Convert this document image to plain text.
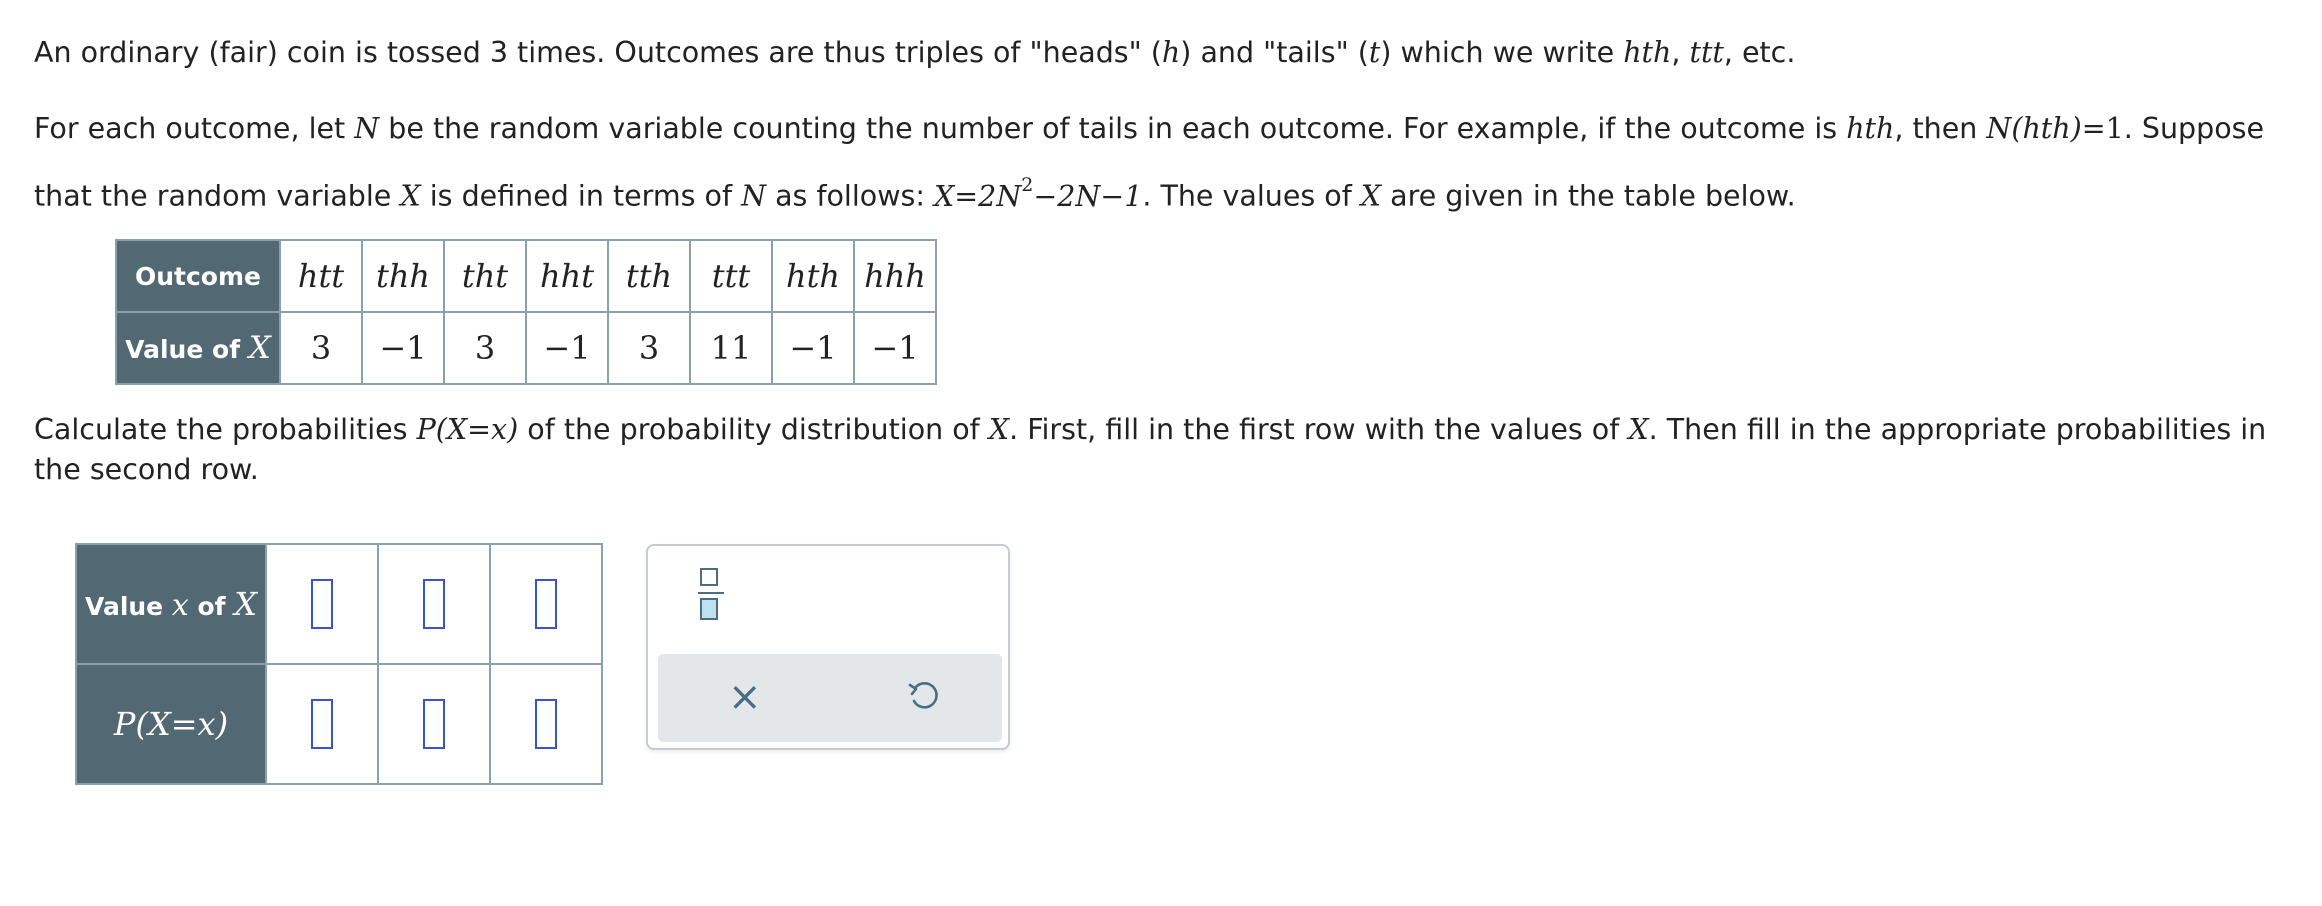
An ordinary (fair) coin is tossed 3 times. Outcomes are thus triples of "heads" (h) and "tails" (t) which we write hth, ttt, etc.
For each outcome, let N be the random variable counting the number of tails in each outcome. For example, if the outcome is hth, then N(hth)=1. Suppose that the random variable X is defined in terms of N as follows: $X=2N^2-2N-1$. The values of X are given in the table below.
Outcome	htt	thh	tht	hht	tth	ttt	hth	hhh
Value of X	3	−1	3	−1	3	11	−1	−1
Calculate the probabilities P(X=x) of the probability distribution of X. First, fill in the first row with the values of X. Then fill in the appropriate probabilities in the second row.
Value x of X			
P(X=x)			
×
